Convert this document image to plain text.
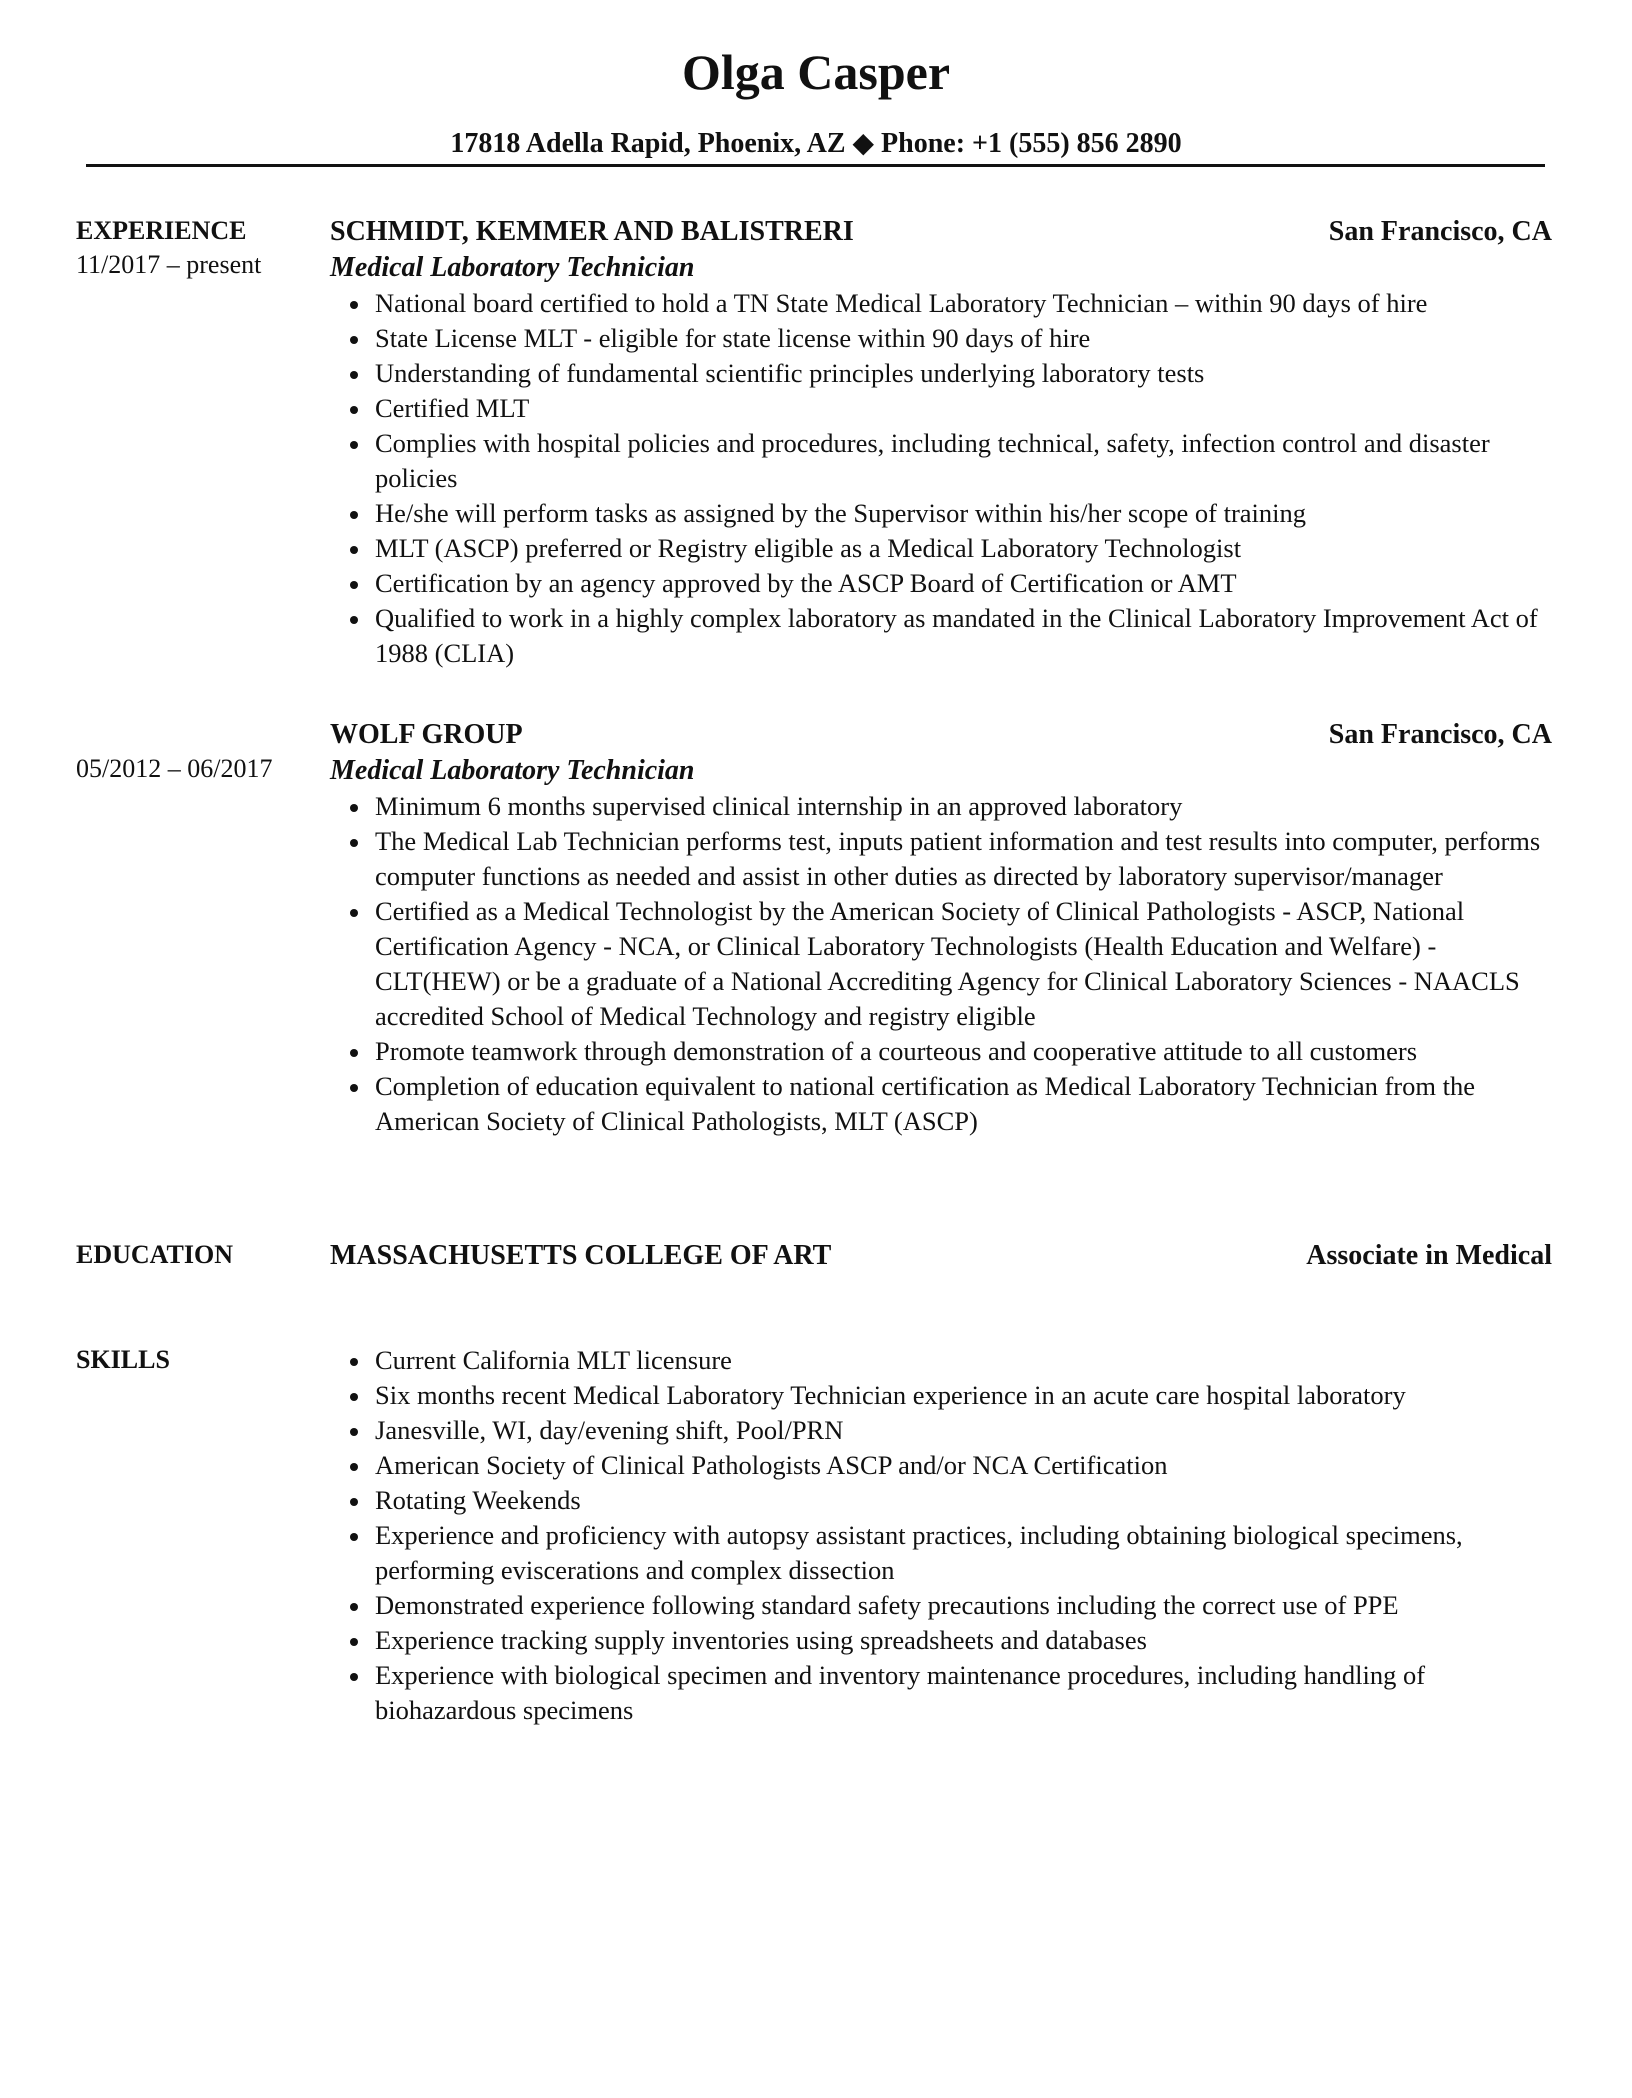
Olga Casper
17818 Adella Rapid, Phoenix, AZ ◆ Phone: +1 (555) 856 2890
EXPERIENCE
11/2017 – present
SCHMIDT, KEMMER AND BALISTRERI	San Francisco, CA
Medical Laboratory Technician
National board certified to hold a TN State Medical Laboratory Technician – within 90 days of hire
State License MLT - eligible for state license within 90 days of hire
Understanding of fundamental scientific principles underlying laboratory tests
Certified MLT
Complies with hospital policies and procedures, including technical, safety, infection control and disaster policies
He/she will perform tasks as assigned by the Supervisor within his/her scope of training
MLT (ASCP) preferred or Registry eligible as a Medical Laboratory Technologist
Certification by an agency approved by the ASCP Board of Certification or AMT
Qualified to work in a highly complex laboratory as mandated in the Clinical Laboratory Improvement Act of 1988 (CLIA)
05/2012 – 06/2017
WOLF GROUP	San Francisco, CA
Medical Laboratory Technician
Minimum 6 months supervised clinical internship in an approved laboratory
The Medical Lab Technician performs test, inputs patient information and test results into computer, performs computer functions as needed and assist in other duties as directed by laboratory supervisor/manager
Certified as a Medical Technologist by the American Society of Clinical Pathologists - ASCP, National Certification Agency - NCA, or Clinical Laboratory Technologists (Health Education and Welfare) - CLT(HEW) or be a graduate of a National Accrediting Agency for Clinical Laboratory Sciences - NAACLS accredited School of Medical Technology and registry eligible
Promote teamwork through demonstration of a courteous and cooperative attitude to all customers
Completion of education equivalent to national certification as Medical Laboratory Technician from the American Society of Clinical Pathologists, MLT (ASCP)
EDUCATION	MASSACHUSETTS COLLEGE OF ART	Associate in Medical
SKILLS	Current California MLT licensure
Six months recent Medical Laboratory Technician experience in an acute care hospital laboratory
Janesville, WI, day/evening shift, Pool/PRN
American Society of Clinical Pathologists ASCP and/or NCA Certification
Rotating Weekends
Experience and proficiency with autopsy assistant practices, including obtaining biological specimens, performing eviscerations and complex dissection
Demonstrated experience following standard safety precautions including the correct use of PPE
Experience tracking supply inventories using spreadsheets and databases
Experience with biological specimen and inventory maintenance procedures, including handling of biohazardous specimens
